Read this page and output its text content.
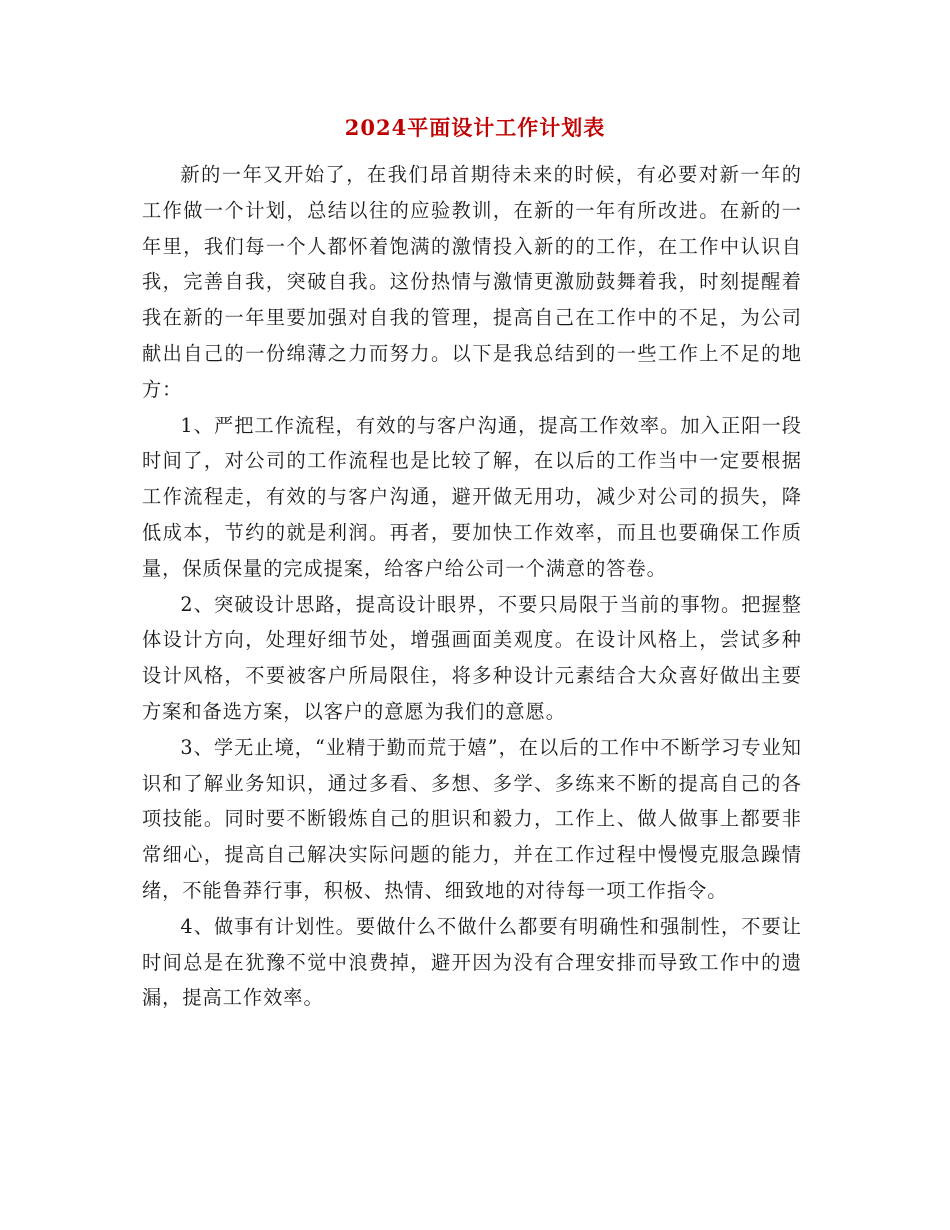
2024平面设计工作计划表

新的一年又开始了，在我们昂首期待未来的时候，有必要对新一年的工作做一个计划，总结以往的应验教训，在新的一年有所改进。在新的一年里，我们每一个人都怀着饱满的激情投入新的的工作，在工作中认识自我，完善自我，突破自我。这份热情与激情更激励鼓舞着我，时刻提醒着我在新的一年里要加强对自我的管理，提高自己在工作中的不足，为公司献出自己的一份绵薄之力而努力。以下是我总结到的一些工作上不足的地方：

1、严把工作流程，有效的与客户沟通，提高工作效率。加入正阳一段时间了，对公司的工作流程也是比较了解，在以后的工作当中一定要根据工作流程走，有效的与客户沟通，避开做无用功，减少对公司的损失，降低成本，节约的就是利润。再者，要加快工作效率，而且也要确保工作质量，保质保量的完成提案，给客户给公司一个满意的答卷。

2、突破设计思路，提高设计眼界，不要只局限于当前的事物。把握整体设计方向，处理好细节处，增强画面美观度。在设计风格上，尝试多种设计风格，不要被客户所局限住，将多种设计元素结合大众喜好做出主要方案和备选方案，以客户的意愿为我们的意愿。

3、学无止境，“业精于勤而荒于嬉”，在以后的工作中不断学习专业知识和了解业务知识，通过多看、多想、多学、多练来不断的提高自己的各项技能。同时要不断锻炼自己的胆识和毅力，工作上、做人做事上都要非常细心，提高自己解决实际问题的能力，并在工作过程中慢慢克服急躁情绪，不能鲁莽行事，积极、热情、细致地的对待每一项工作指令。

4、做事有计划性。要做什么不做什么都要有明确性和强制性，不要让时间总是在犹豫不觉中浪费掉，避开因为没有合理安排而导致工作中的遗漏，提高工作效率。
